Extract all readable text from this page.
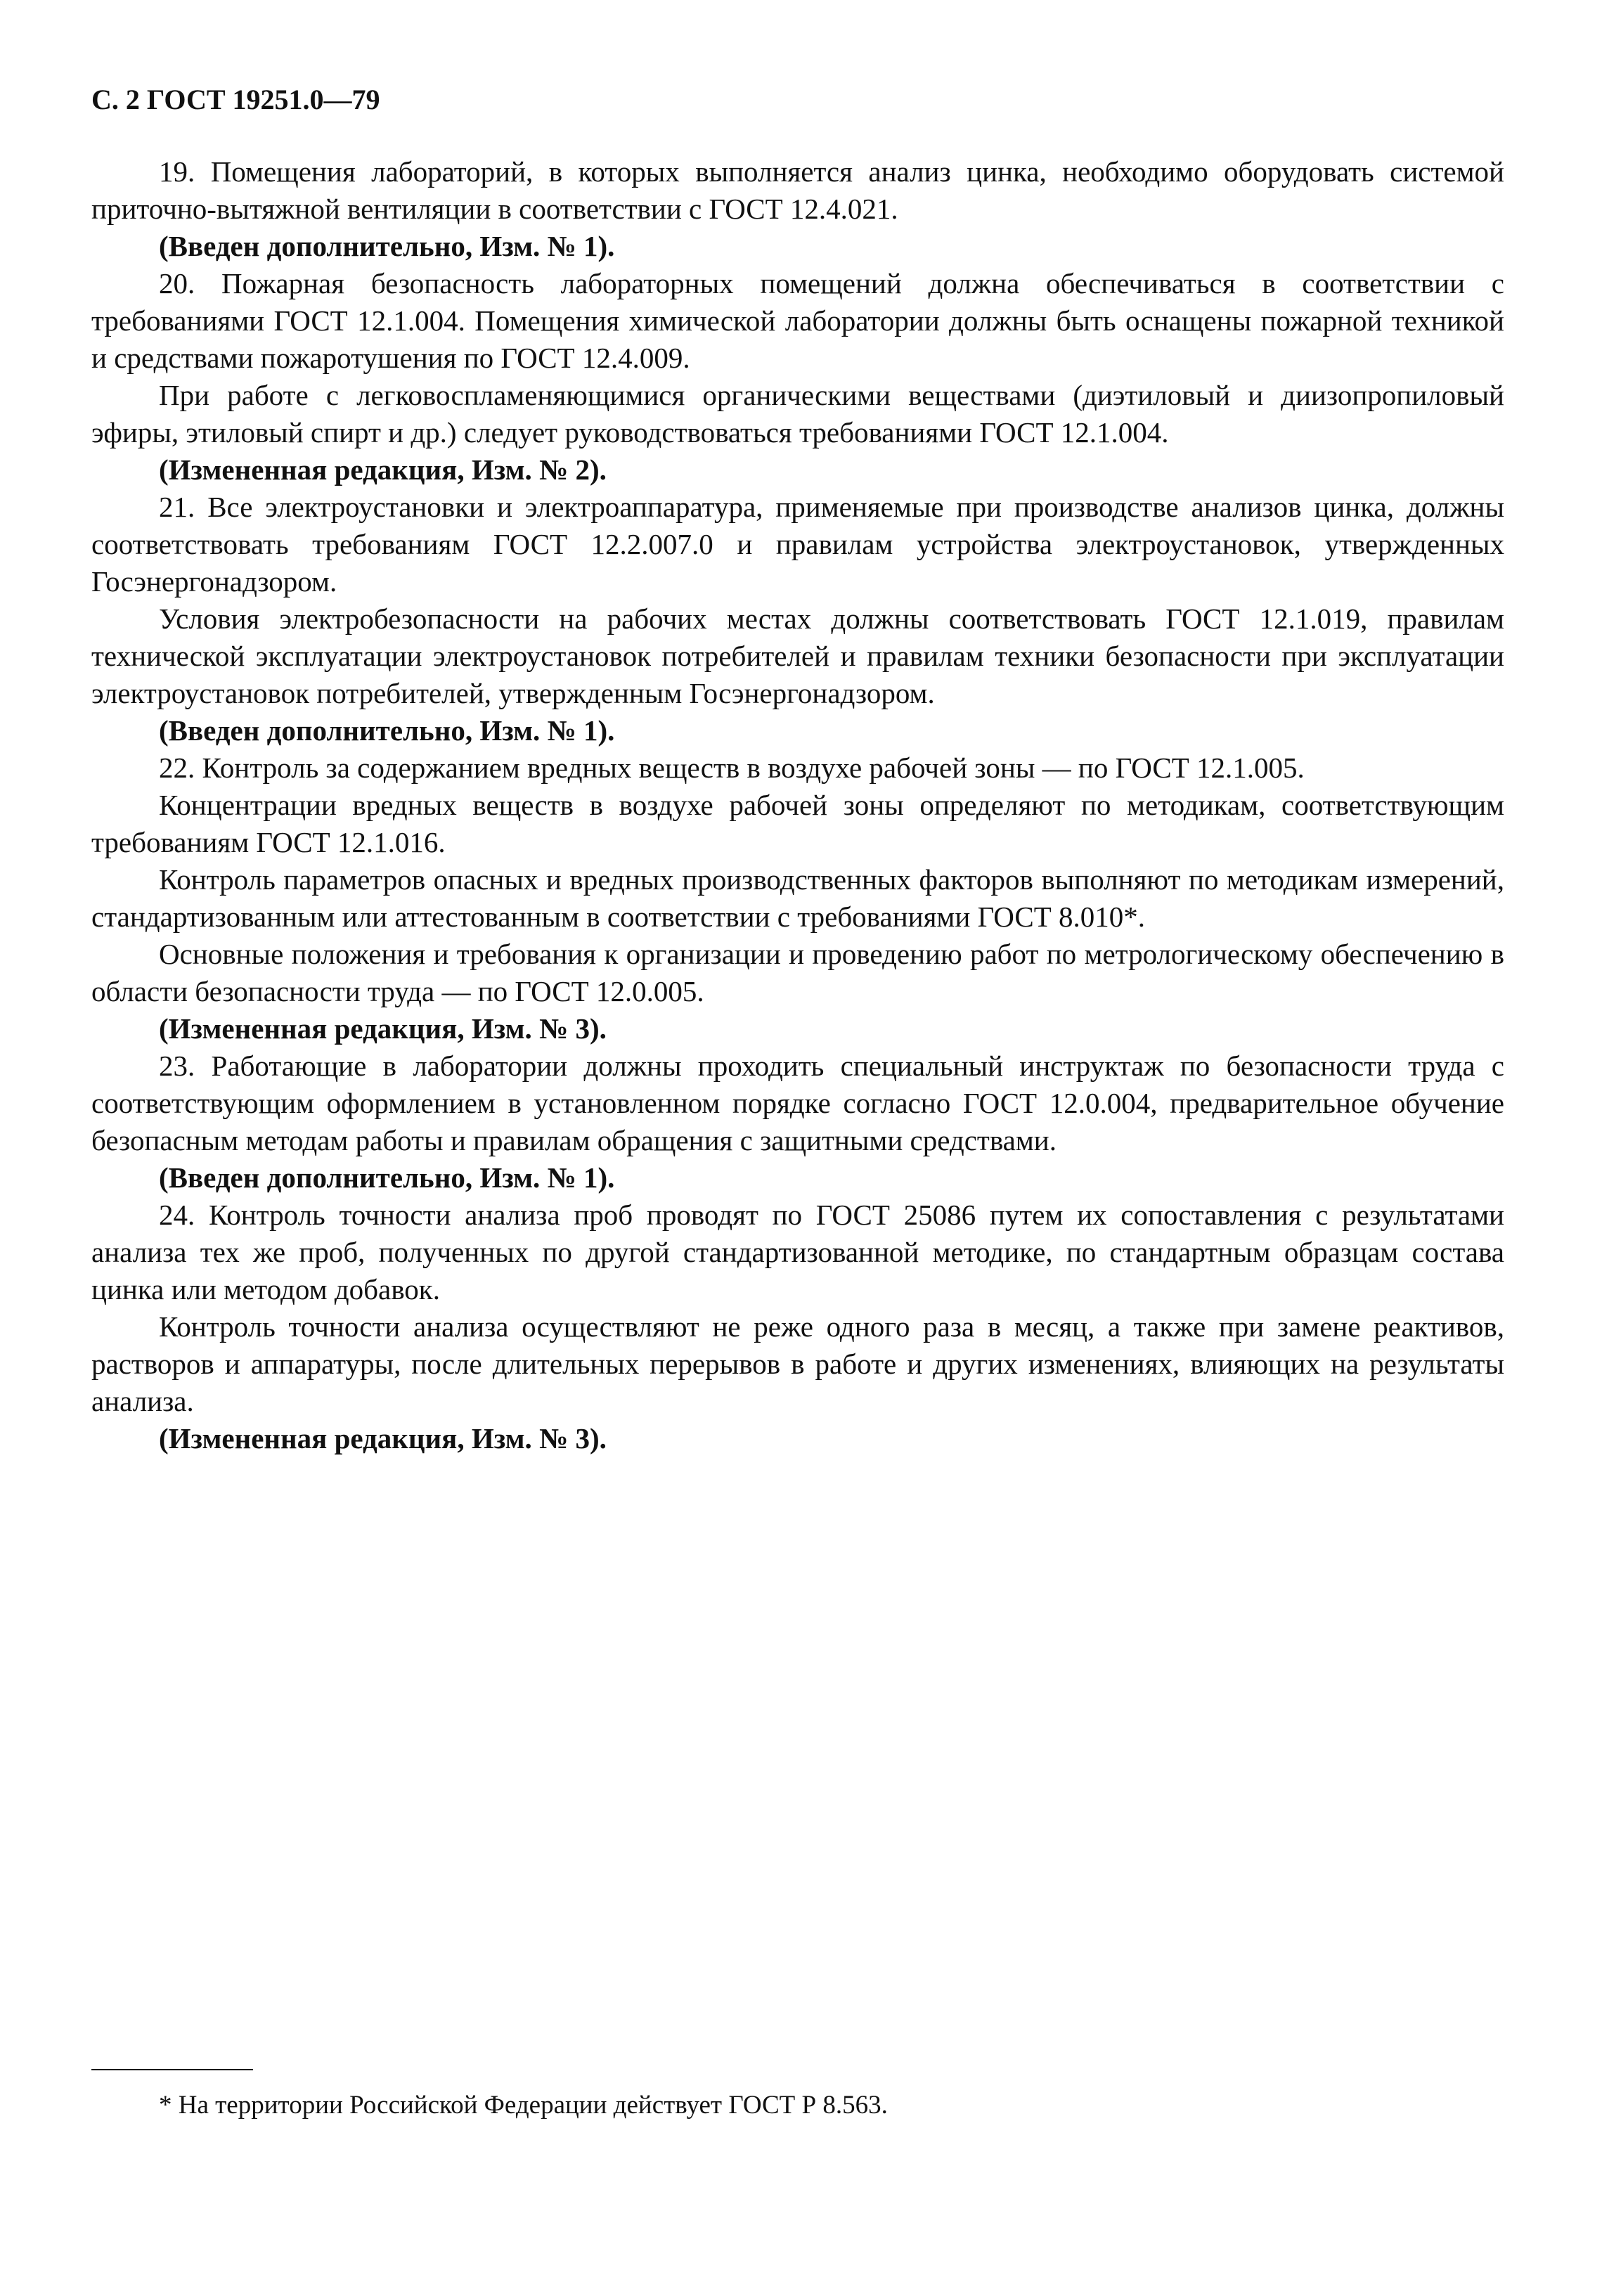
С. 2 ГОСТ 19251.0—79

19. Помещения лабораторий, в которых выполняется анализ цинка, необходимо оборудовать системой приточно-вытяжной вентиляции в соответствии с ГОСТ 12.4.021.

(Введен дополнительно, Изм. № 1).

20. Пожарная безопасность лабораторных помещений должна обеспечиваться в соответствии с требованиями ГОСТ 12.1.004. Помещения химической лаборатории должны быть оснащены пожарной техникой и средствами пожаротушения по ГОСТ 12.4.009.

При работе с легковоспламеняющимися органическими веществами (диэтиловый и диизопропиловый эфиры, этиловый спирт и др.) следует руководствоваться требованиями ГОСТ 12.1.004.

(Измененная редакция, Изм. № 2).

21. Все электроустановки и электроаппаратура, применяемые при производстве анализов цинка, должны соответствовать требованиям ГОСТ 12.2.007.0 и правилам устройства электроустановок, утвержденных Госэнергонадзором.

Условия электробезопасности на рабочих местах должны соответствовать ГОСТ 12.1.019, правилам технической эксплуатации электроустановок потребителей и правилам техники безопасности при эксплуатации электроустановок потребителей, утвержденным Госэнергонадзором.

(Введен дополнительно, Изм. № 1).

22. Контроль за содержанием вредных веществ в воздухе рабочей зоны — по ГОСТ 12.1.005.

Концентрации вредных веществ в воздухе рабочей зоны определяют по методикам, соответствующим требованиям ГОСТ 12.1.016.

Контроль параметров опасных и вредных производственных факторов выполняют по методикам измерений, стандартизованным или аттестованным в соответствии с требованиями ГОСТ 8.010*.

Основные положения и требования к организации и проведению работ по метрологическому обеспечению в области безопасности труда — по ГОСТ 12.0.005.

(Измененная редакция, Изм. № 3).

23. Работающие в лаборатории должны проходить специальный инструктаж по безопасности труда с соответствующим оформлением в установленном порядке согласно ГОСТ 12.0.004, предварительное обучение безопасным методам работы и правилам обращения с защитными средствами.

(Введен дополнительно, Изм. № 1).

24. Контроль точности анализа проб проводят по ГОСТ 25086 путем их сопоставления с результатами анализа тех же проб, полученных по другой стандартизованной методике, по стандартным образцам состава цинка или методом добавок.

Контроль точности анализа осуществляют не реже одного раза в месяц, а также при замене реактивов, растворов и аппаратуры, после длительных перерывов в работе и других изменениях, влияющих на результаты анализа.

(Измененная редакция, Изм. № 3).

* На территории Российской Федерации действует ГОСТ Р 8.563.
